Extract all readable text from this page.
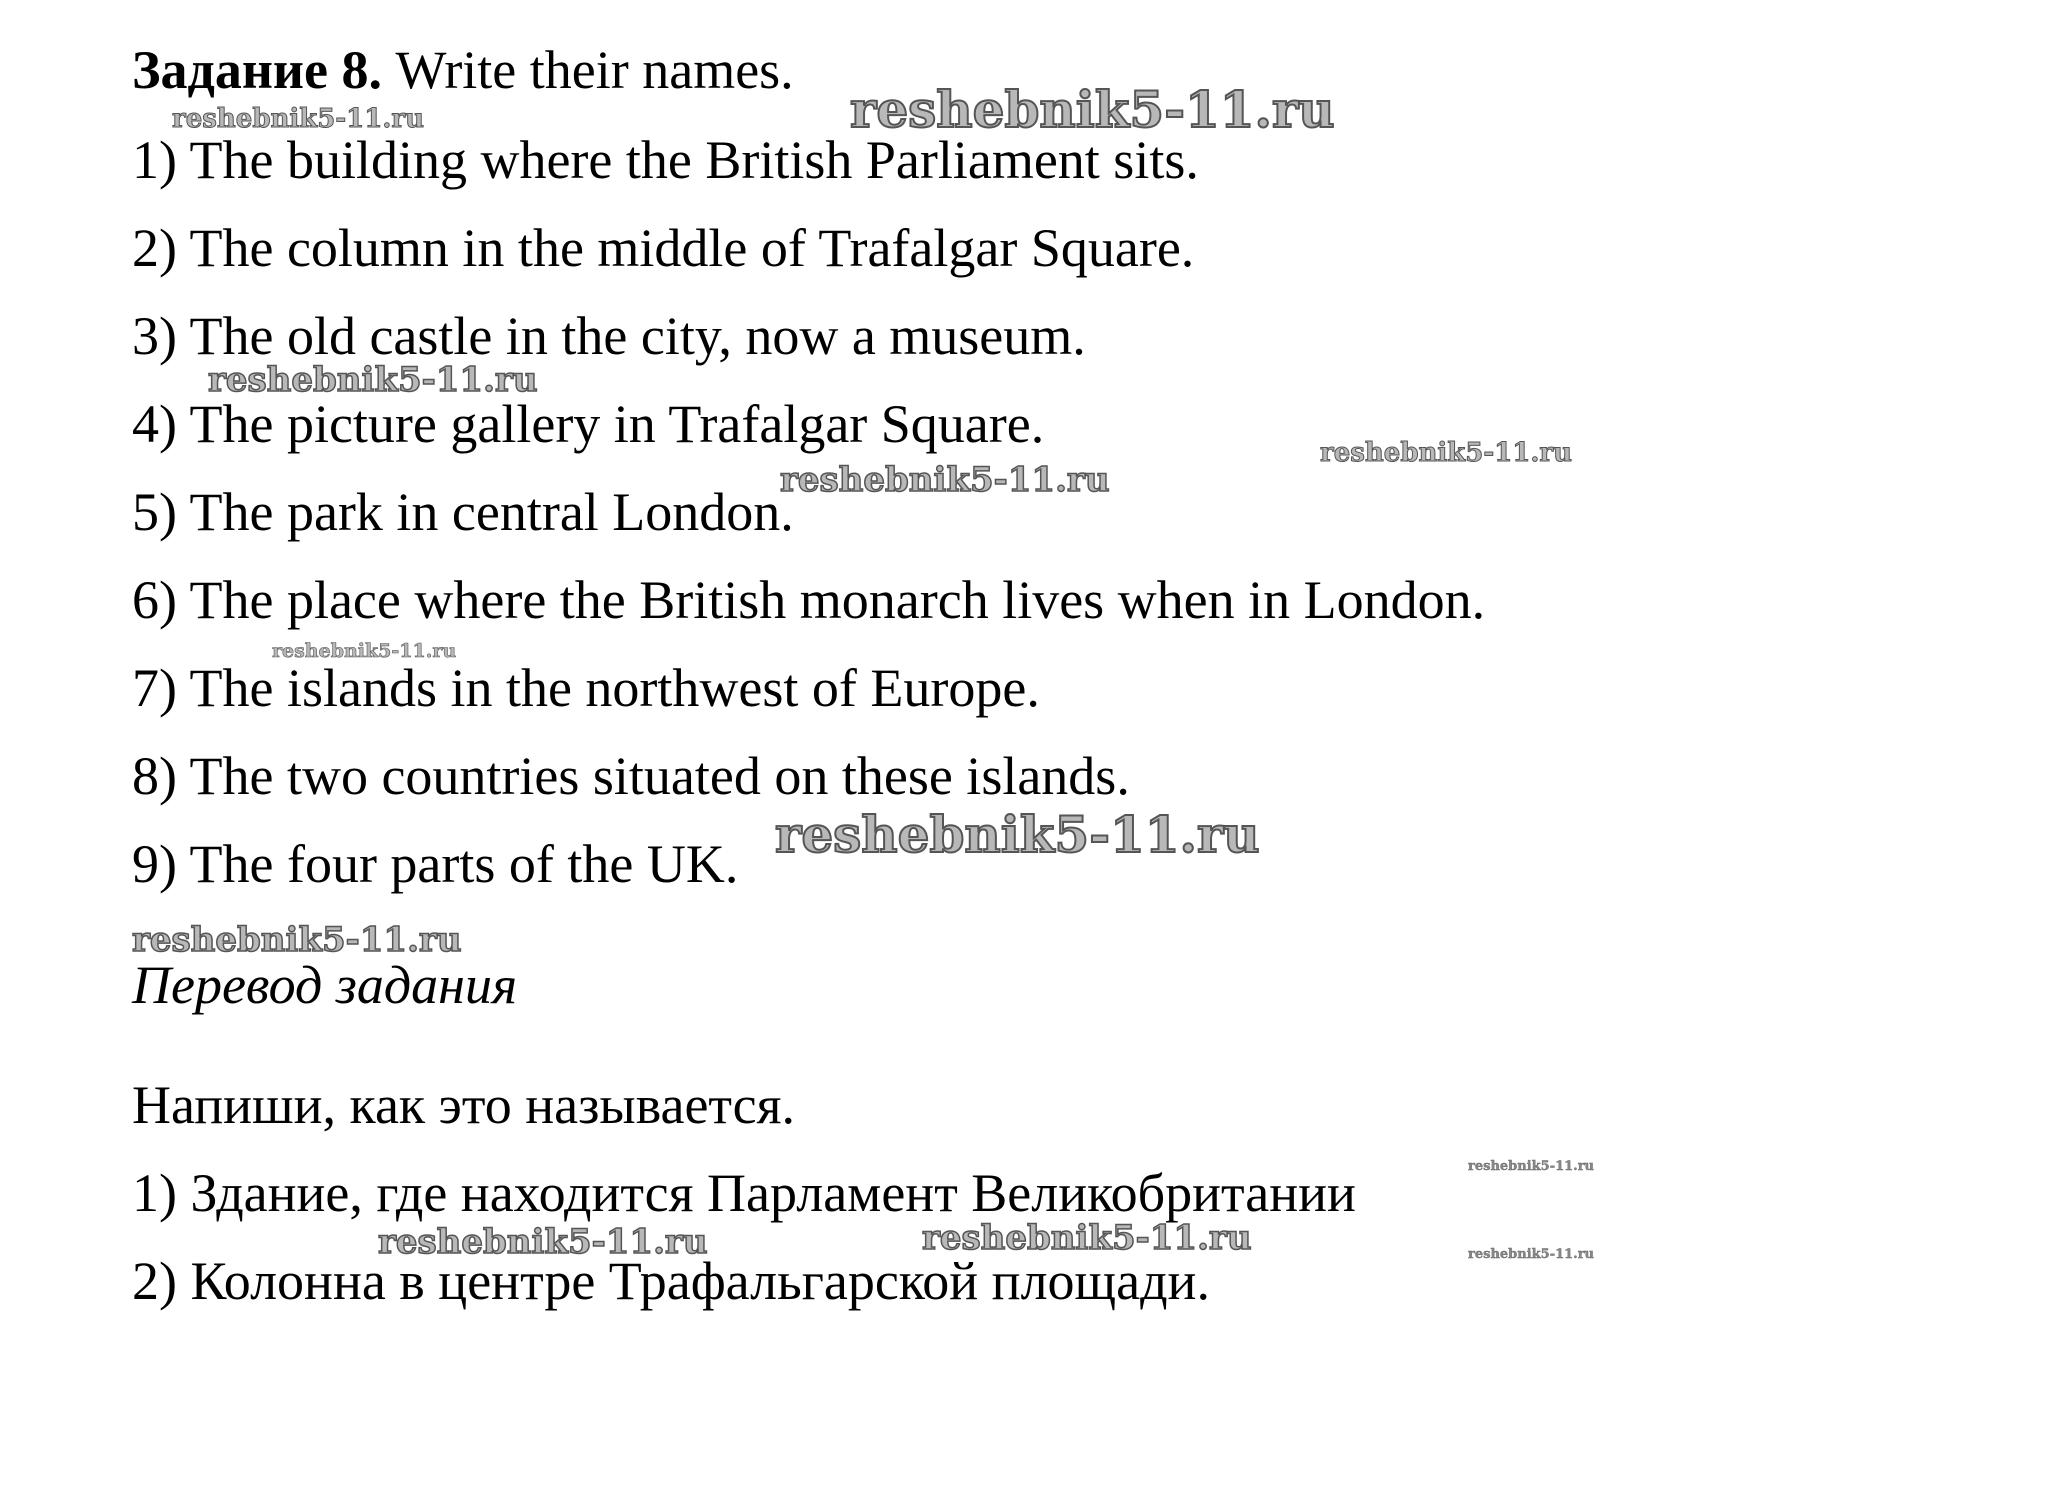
Задание 8. Write their names.

1) The building where the British Parliament sits.

2) The column in the middle of Trafalgar Square.

3) The old castle in the city, now a museum.

4) The picture gallery in Trafalgar Square.

5) The park in central London.

6) The place where the British monarch lives when in London.

7) The islands in the northwest of Europe.

8) The two countries situated on these islands.

9) The four parts of the UK.

Перевод задания

Напиши, как это называется.

1) Здание, где находится Парламент Великобритании

2) Колонна в центре Трафальгарской площади.

reshebnik5-11.ru
reshebnik5-11.ru
reshebnik5-11.ru
reshebnik5-11.ru
reshebnik5-11.ru
reshebnik5-11.ru
reshebnik5-11.ru
reshebnik5-11.ru
reshebnik5-11.ru
reshebnik5-11.ru	reshebnik5-11.ru	reshebnik5-11.ru
